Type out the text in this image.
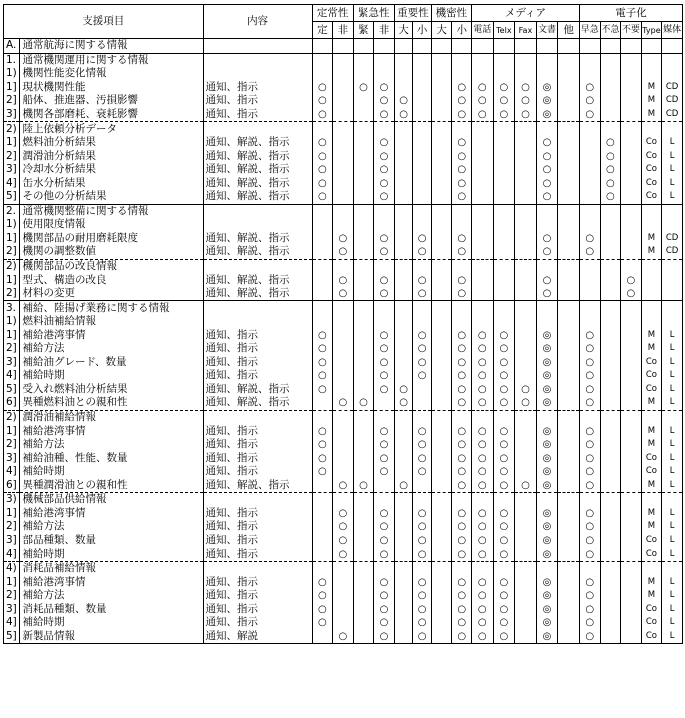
支援項目		内容	定常性		緊急性		重要性		機密性		メディア					電子化				
			定	非	緊	非	大	小	大	小	電話	Telx	Fax	文書	他	早急	不急	不要	Type	媒体
A.	通常航海に関する情報																			
1.	通常機関運用に関する情報																			
1)	機関性能変化情報																			
1]	現状機関性能	通知、指示	○		○	○				○	○	○	○	◎		○			M	CD
2]	船体、推進器、汚損影響	通知、指示	○			○	○			○	○	○	○	◎		○			M	CD
3]	機関各部磨耗、衰耗影響	通知、指示	○			○	○			○	○	○	○	◎		○			M	CD
2)	陸上依頼分析データ																			
1]	燃料油分析結果	通知、解説、指示	○			○				○				○			○		Co	L
2]	潤滑油分析結果	通知、解説、指示	○			○				○				○			○		Co	L
3]	冷却水分析結果	通知、解説、指示	○			○				○				○			○		Co	L
4]	缶水分析結果	通知、解説、指示	○			○				○				○			○		Co	L
5]	その他の分析結果	通知、解説、指示	○			○				○				○			○		Co	L
2.	通常機関整備に関する情報																			
1)	使用限度情報																			
1]	機関部品の耐用磨耗限度	通知、解説、指示		○		○		○		○				○		○			M	CD
2]	機関の調整数値	通知、解説、指示		○		○		○		○				○		○			M	CD
2)	機関部品の改良情報																			
1]	型式、構造の改良	通知、解説、指示		○		○		○		○				○				○		
2]	材料の変更	通知、解説、指示		○		○		○		○				○				○		
3.	補給、陸揚げ業務に関する情報																			
1)	燃料油補給情報																			
1]	補給港湾事情	通知、指示	○			○		○		○	○	○		◎		○			M	L
2]	補給方法	通知、指示	○			○		○		○	○	○		◎		○			M	L
3]	補給油グレード、数量	通知、指示	○			○		○		○	○	○		◎		○			Co	L
4]	補給時期	通知、指示	○			○		○		○	○	○		◎		○			Co	L
5]	受入れ燃料油分析結果	通知、解説、指示	○			○	○			○	○	○	○	◎		○			Co	L
6]	異種燃料油との親和性	通知、解説、指示		○	○		○			○	○	○	○	◎		○			M	L
2)	潤滑油補給情報																			
1]	補給港湾事情	通知、指示	○			○		○		○	○	○		◎		○			M	L
2]	補給方法	通知、指示	○			○		○		○	○	○		◎		○			M	L
3]	補給油種、性能、数量	通知、指示	○			○		○		○	○	○		◎		○			Co	L
4]	補給時期	通知、指示	○			○		○		○	○	○		◎		○			Co	L
6]	異種潤滑油との親和性	通知、解説、指示		○	○		○			○	○	○	○	◎		○			M	L
3)	機械部品供給情報																			
1]	補給港湾事情	通知、指示		○		○		○		○	○	○		◎		○			M	L
2]	補給方法	通知、指示		○		○		○		○	○	○		◎		○			M	L
3]	部品種類、数量	通知、指示		○		○		○		○	○	○		◎		○			Co	L
4]	補給時期	通知、指示		○		○		○		○	○	○		◎		○			Co	L
4)	消耗品補給情報																			
1]	補給港湾事情	通知、指示	○			○		○		○	○	○		◎		○			M	L
2]	補給方法	通知、指示	○			○		○		○	○	○		◎		○			M	L
3]	消耗品種類、数量	通知、指示	○			○		○		○	○	○		◎		○			Co	L
4]	補給時期	通知、指示	○			○		○		○	○	○		◎		○			Co	L
5]	新製品情報	通知、解説		○		○		○		○	○	○		◎		○			Co	L
